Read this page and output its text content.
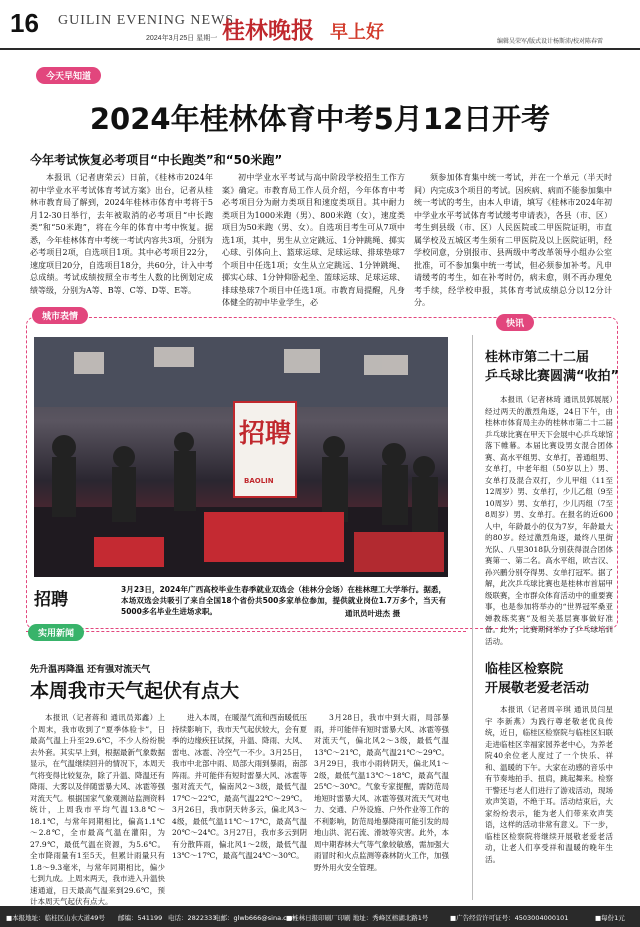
16 GUILIN EVENING NEWS
2024年3月25日 星期一 桂林晚报 早上好	编辑吴荣军/版式设计杨斯沛/校对陈春雷
今天早知道
2024年桂林体育中考5月12日开考
今年考试恢复必考项目“中长跑类”和“50米跑”

本报讯（记者唐荣云）日前，《桂林市2024年初中学业水平考试体育考试方案》出台，记者从桂林市教育局了解到，2024年桂林市体育中考将于5月12-30日举行，去年被取消的必考项目“中长跑类”和“50米跑”，将在今年的体育中考中恢复。据悉，今年桂林体育中考统一考试内容共3项，分别为必考项目2项，自选项目1项。其中必考项目22分，速度项目20分，自选项目18分，共60分，计入中考总成绩。考试成绩按照全市考生人数的比例划定成绩等级，分别为A等、B等、C等、D等、E等。

初中学业水平考试与高中阶段学校招生工作方案》确定。市教育局工作人员介绍，今年体育中考必考项目分为耐力类项目和速度类项目。其中耐力类项目为1000米跑（男）、800米跑（女），速度类项目为50米跑（男、女）。自选项目考生可从7项中选1项，其中，男生从立定跳远、1分钟跳绳、掷实心球、引体向上、篮球运球、足球运球、排球垫球7个项目中任选1项；女生从立定跳远、1分钟跳绳、掷实心球、1分钟仰卧起坐、篮球运球、足球运球、排球垫球7个项目中任选1项。市教育局提醒，凡身体健全的初中毕业学生，必

须参加体育集中统一考试，并在一个单元（半天时间）内完成3个项目的考试。因疾病、病而不能参加集中统一考试的考生，由本人申请，填写《桂林市2024年初中学业水平考试体育考试缓考申请表》，各县（市、区）考生到县级（市、区）人民医院或二甲医院证明，市直属学校及五城区考生须有二甲医院及以上医院证明，经学校同意，分别报市、县两级中考改革领导小组办公室批准，可不参加集中统一考试，但必须参加补考。凡申请缓考的考生，如在补考时仍，病未愈，则不再办理免考手续，经学校申报，其体育考试成绩总分以12分计分。

城市表情
招聘
BAOLIN
招聘
3月23日，2024年广西高校毕业生春季就业双选会（桂林分会场）在桂林理工大学举行。据悉，本场双选会共吸引了来自全国18个省份共500多家单位参加，提供就业岗位1.7万多个，当天有5000多名毕业生进场求职。	通讯员叶进杰 摄
快讯
桂林市第二十二届
乒乓球比赛圆满“收拍”

本报讯（记者林琦 通讯员郭展展）经过两天的激烈角逐，24日下午，由桂林市体育局主办的桂林市第二十二届乒乓球比赛在甲天下会展中心乒乓球馆落下帷幕。本届比赛设男女混合团体赛、高水平组男、女单打，普通组男、女单打，中老年组（50岁以上）男、女单打及混合双打，少儿甲组（11至12周岁）男、女单打，少儿乙组（9至10周岁）男、女单打，少儿丙组（7至8周岁）男、女单打。在报名的近600人中，年龄最小的仅为7岁，年龄最大的80岁。经过激烈角逐，最终八里街光队、八里3018队分别获得混合团体赛第一、第二名。高水平组，欧吉汉、孙兴鹏分别夺得男、女单打冠军。据了解，此次乒乓球比赛也是桂林市首届甲级联赛，全市群众体育活动中的重要赛事，也是参加将举办的“世界冠军桑亚婵教练奖赛”及相关基层赛事做好准备。此外，比赛期间举办了乒乓球培训活动。

临桂区检察院
开展敬老爱老活动

本报讯（记者周辛琪 通讯员闫星宇 李新燕）为践行尊老敬老优良传统，近日，临桂区检察院与临桂区妇联走进临桂区幸福家园养老中心，为养老院40余位老人度过了一个快乐、祥和、温暖的下午。大家在动感的音乐中有节奏地拍手、扭肩，跳起舞来。检察干警还与老人们进行了游戏活动，现场欢声笑语，不绝于耳。活动结束后，大家纷纷表示，能为老人们带来欢声笑语，这样的活动非常有意义。下一步，临桂区检察院将继续开展敬老爱老活动，让老人们享受祥和温暖的晚年生活。

实用新闻
先升温再降温 还有强对流天气
本周我市天气起伏有点大

本报讯（记者蒋和 通讯员郑鑫）上个周末，我市收到了“夏季体验卡”，日最高气温上升至29.6℃，不少人纷纷脱去外套。其实早上到，根据最新气象数据显示，在气温继续回升的情况下，本周天气将变得比较复杂，除了升温、降温还有降雨、大雾以及伴随雷暴大风、冰雹等强对流天气。根据国家气象观测站监测资料统计，上周我市平均气温13.8℃～18.1℃，与常年同期相比，偏高1.1℃～2.8℃，全市最高气温在灌阳，为27.9℃，最低气温在资源，为5.6℃。全市降雨量有1至5天，但累计雨量只有1.8～9.3毫米，与常年同期相比，偏少七到九成。上周末两天，我市进入升温快速通道，日天最高气温来到29.6℃，预计本周天气起伏有点大。

进入本周，在暖湿气流和西南暖低压持续影响下，我市天气起伏较大，会有夏季的边缘疾狂试探，升温、降雨、大风、雷电、冰雹、冷空气一不少。3月25日，我市中北部中雨、局部大雨到暴雨，南部阵雨。并可能伴有短时雷暴大风、冰雹等强对流天气，偏南风2～3级，最低气温17℃～22℃，最高气温22℃～29℃。3月26日，我市阴天转多云，偏北风3～4级，最低气温11℃～17℃，最高气温20℃～24℃。3月27日，我市多云到阴有分散阵雨，偏北风1～2级，最低气温13℃～17℃，最高气温24℃～30℃。

3月28日，我市中到大雨，局部暴雨，并可能伴有短时雷暴大风、冰雹等强对流天气，偏北风2～3级，最低气温13℃～21℃，最高气温21℃～29℃。3月29日，我市小雨转阴天，偏北风1～2级，最低气温13℃～18℃，最高气温25℃～30℃。气象专家提醒，需防范局地短时雷暴大风、冰雹等强对流天气对电力、交通、户外设施、户外作业等工作的不利影响，防范局地暴降雨可能引发的局地山洪、泥石流、滑坡等灾害。此外，本周中期春林大气等气象较敏感，需加强大雨冒时和火点监测等森林防火工作，加强野外用火安全管理。

■本报地址：临桂区山水大道49号 邮编：541199 电话：2822333
电邮：glwb666@sina.com
■桂林日报印刷厂印刷 地址：秀峰区榕湖北路1号	■广告经营许可证号：4503004000101	■每份1元
